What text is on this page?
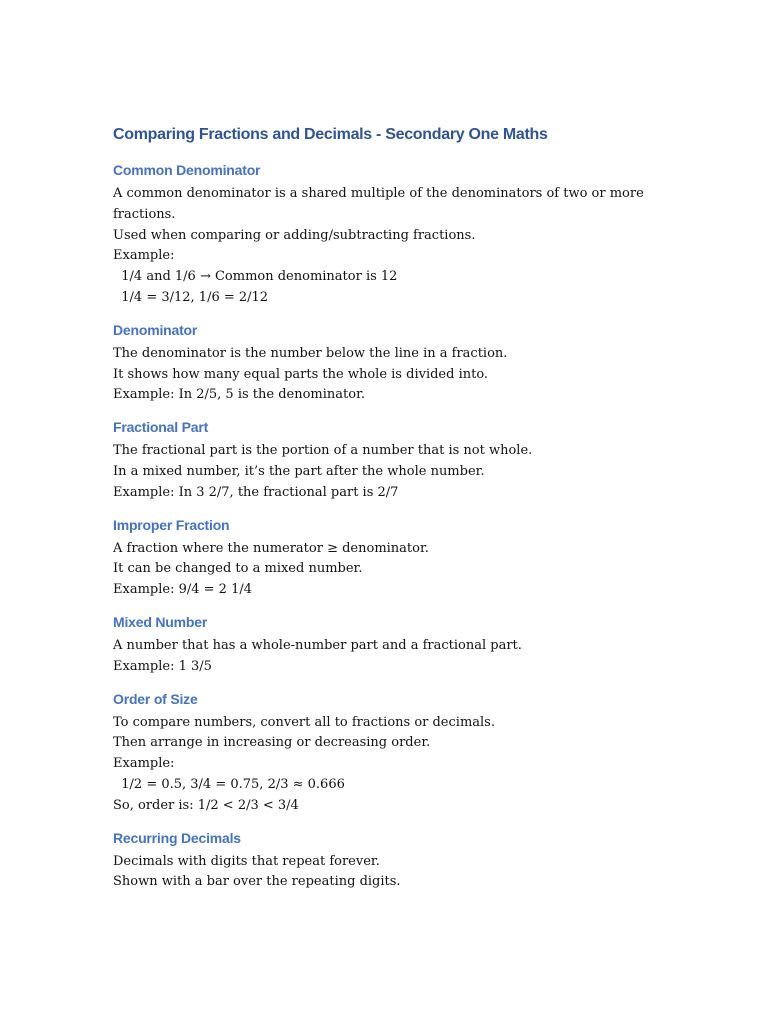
Comparing Fractions and Decimals - Secondary One Maths
Common Denominator

A common denominator is a shared multiple of the denominators of two or more

fractions.

Used when comparing or adding/subtracting fractions.

Example:

1/4 and 1/6 → Common denominator is 12

1/4 = 3/12, 1/6 = 2/12

Denominator

The denominator is the number below the line in a fraction.

It shows how many equal parts the whole is divided into.

Example: In 2/5, 5 is the denominator.

Fractional Part

The fractional part is the portion of a number that is not whole.

In a mixed number, it’s the part after the whole number.

Example: In 3 2/7, the fractional part is 2/7

Improper Fraction

A fraction where the numerator ≥ denominator.

It can be changed to a mixed number.

Example: 9/4 = 2 1/4

Mixed Number

A number that has a whole-number part and a fractional part.

Example: 1 3/5

Order of Size

To compare numbers, convert all to fractions or decimals.

Then arrange in increasing or decreasing order.

Example:

1/2 = 0.5, 3/4 = 0.75, 2/3 ≈ 0.666

So, order is: 1/2 < 2/3 < 3/4

Recurring Decimals

Decimals with digits that repeat forever.

Shown with a bar over the repeating digits.
